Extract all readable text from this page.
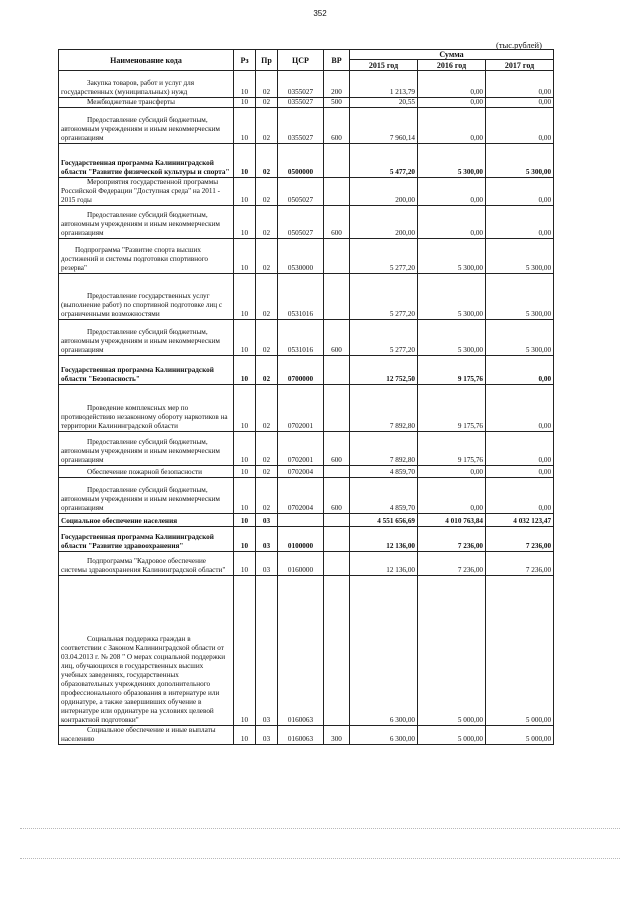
352
(тыс.рублей)
Наименование кода	Рз	Пр	ЦСР	ВР	Сумма		
					2015 год	2016 год	2017 год
Закупка товаров, работ и услуг для государственных (муниципальных) нужд	10	02	0355027	200	1 213,79	0,00	0,00
Межбюджетные трансферты	10	02	0355027	500	20,55	0,00	0,00
Предоставление субсидий бюджетным, автономным учреждениям и иным некоммерческим организациям	10	02	0355027	600	7 960,14	0,00	0,00
Государственная программа Калининградской области "Развитие физической культуры и спорта"	10	02	0500000		5 477,20	5 300,00	5 300,00
Мероприятия государственной программы Российской Федерации "Доступная среда" на 2011 - 2015 годы	10	02	0505027		200,00	0,00	0,00
Предоставление субсидий бюджетным, автономным учреждениям и иным некоммерческим организациям	10	02	0505027	600	200,00	0,00	0,00
Подпрограмма "Развитие спорта высших достижений и системы подготовки спортивного резерва"	10	02	0530000		5 277,20	5 300,00	5 300,00
Предоставление государственных услуг (выполнение работ) по спортивной подготовке лиц с ограниченными возможностями	10	02	0531016		5 277,20	5 300,00	5 300,00
Предоставление субсидий бюджетным, автономным учреждениям и иным некоммерческим организациям	10	02	0531016	600	5 277,20	5 300,00	5 300,00
Государственная программа Калининградской области "Безопасность"	10	02	0700000		12 752,50	9 175,76	0,00
Проведение комплексных мер по противодействию незаконному обороту наркотиков на территории Калининградской области	10	02	0702001		7 892,80	9 175,76	0,00
Предоставление субсидий бюджетным, автономным учреждениям и иным некоммерческим организациям	10	02	0702001	600	7 892,80	9 175,76	0,00
Обеспечение пожарной безопасности	10	02	0702004		4 859,70	0,00	0,00
Предоставление субсидий бюджетным, автономным учреждениям и иным некоммерческим организациям	10	02	0702004	600	4 859,70	0,00	0,00
Социальное обеспечение населения	10	03			4 551 656,69	4 010 763,84	4 032 123,47
Государственная программа Калининградской области "Развитие здравоохранения"	10	03	0100000		12 136,00	7 236,00	7 236,00
Подпрограмма "Кадровое обеспечение системы здравоохранения Калининградской области"	10	03	0160000		12 136,00	7 236,00	7 236,00
Социальная поддержка граждан в соответствии с Законом Калининградской области от 03.04.2013 г. № 208 " О мерах социальной поддержки лиц, обучающихся в государственных высших учебных заведениях, государственных образовательных учреждениях дополнительного профессионального образования в интернатуре или ординатуре, а также завершивших обучение в интернатуре или ординатуре на условиях целевой контрактной подготовки"	10	03	0160063		6 300,00	5 000,00	5 000,00
Социальное обеспечение и иные выплаты населению	10	03	0160063	300	6 300,00	5 000,00	5 000,00
